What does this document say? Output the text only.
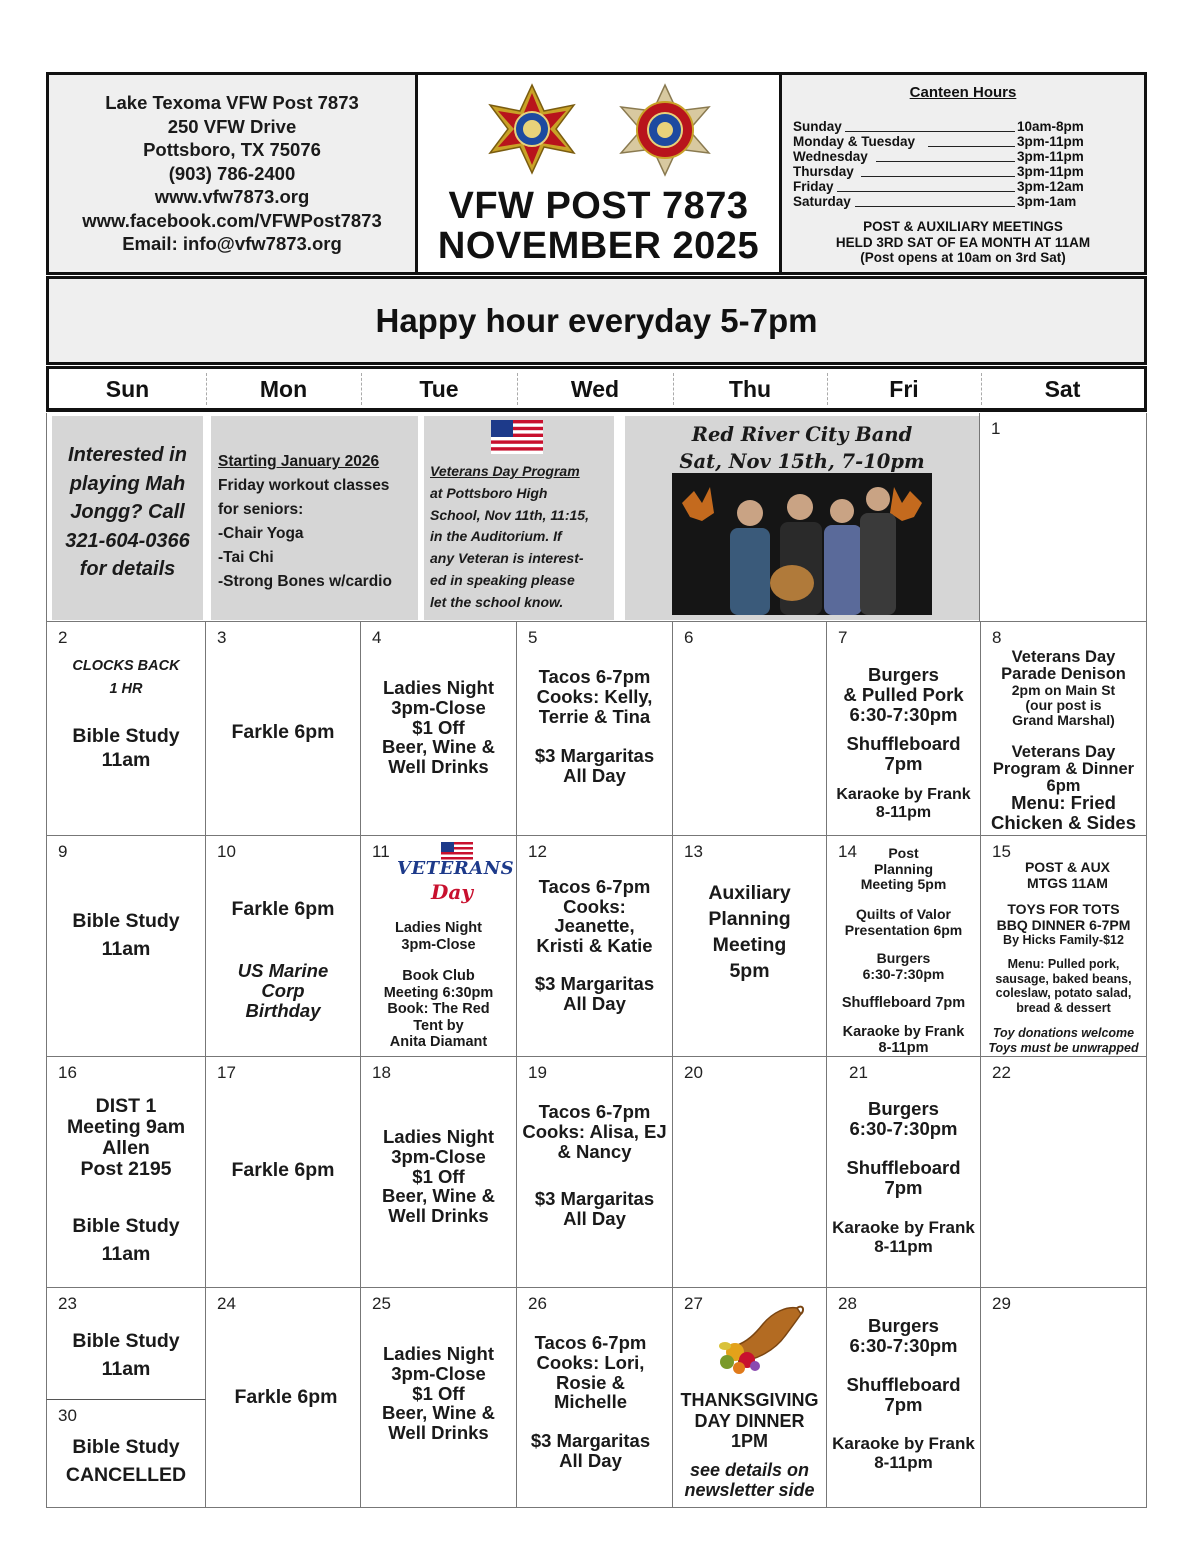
Lake Texoma VFW Post 7873
250 VFW Drive
Pottsboro, TX 75076
(903) 786-2400
www.vfw7873.org
www.facebook.com/VFWPost7873
Email: info@vfw7873.org
VFW POST 7873
NOVEMBER 2025
Canteen Hours
Sunday	10am-8pm
Monday & Tuesday	3pm-11pm
Wednesday	3pm-11pm
Thursday	3pm-11pm
Friday	3pm-12am
Saturday	3pm-1am
POST & AUXILIARY MEETINGS
HELD 3RD SAT OF EA MONTH AT 11AM
(Post opens at 10am on 3rd Sat)
Happy hour everyday 5-7pm
Sun	Mon	Tue	Wed	Thu	Fri	Sat
Interested in
playing Mah
Jongg? Call
321-604-0366
for details
Starting January 2026
Friday workout classes
for seniors:
-Chair Yoga
-Tai Chi
-Strong Bones w/cardio
Veterans Day Program
at Pottsboro High
School, Nov 11th, 11:15,
in the Auditorium. If
any Veteran is interest-
ed in speaking please
let the school know.
Red River City Band
Sat, Nov 15th, 7-10pm
1
2
CLOCKS BACK
1 HR
Bible Study
11am
3
Farkle 6pm
4
Ladies Night
3pm-Close
$1 Off
Beer, Wine &
Well Drinks
5
Tacos 6-7pm
Cooks: Kelly,
Terrie & Tina
$3 Margaritas
All Day
6	7
Burgers
& Pulled Pork
6:30-7:30pm
Shuffleboard
7pm
Karaoke by Frank
8-11pm
8
Veterans Day
Parade Denison
2pm on Main St
(our post is
Grand Marshal)
Veterans Day
Program & Dinner
6pm
Menu: Fried
Chicken & Sides
9
Bible Study
11am
10
Farkle 6pm
US Marine
Corp
Birthday
11
VETERANS
Day
Ladies Night
3pm-Close
Book Club
Meeting 6:30pm
Book: The Red
Tent by
Anita Diamant
12
Tacos 6-7pm
Cooks:
Jeanette,
Kristi & Katie
$3 Margaritas
All Day
13
Auxiliary
Planning
Meeting
5pm
14	Post
Planning
Meeting 5pm
Quilts of Valor
Presentation 6pm
Burgers
6:30-7:30pm
Shuffleboard 7pm
Karaoke by Frank
8-11pm
15
POST & AUX
MTGS 11AM
TOYS FOR TOTS
BBQ DINNER 6-7PM
By Hicks Family-$12
Menu: Pulled pork,
sausage, baked beans,
coleslaw, potato salad,
bread & dessert
Toy donations welcome
Toys must be unwrapped
16
DIST 1
Meeting 9am
Allen
Post 2195
Bible Study
11am
17
Farkle 6pm
18
Ladies Night
3pm-Close
$1 Off
Beer, Wine &
Well Drinks
19
Tacos 6-7pm
Cooks: Alisa, EJ
& Nancy
$3 Margaritas
All Day
20	21
Burgers
6:30-7:30pm
Shuffleboard
7pm
Karaoke by Frank
8-11pm
22
23
Bible Study
11am
30
Bible Study
CANCELLED
24
Farkle 6pm
25
Ladies Night
3pm-Close
$1 Off
Beer, Wine &
Well Drinks
26
Tacos 6-7pm
Cooks: Lori,
Rosie &
Michelle
$3 Margaritas
All Day
27
THANKSGIVING
DAY DINNER
1PM
see details on
newsletter side
28
Burgers
6:30-7:30pm
Shuffleboard
7pm
Karaoke by Frank
8-11pm
29
